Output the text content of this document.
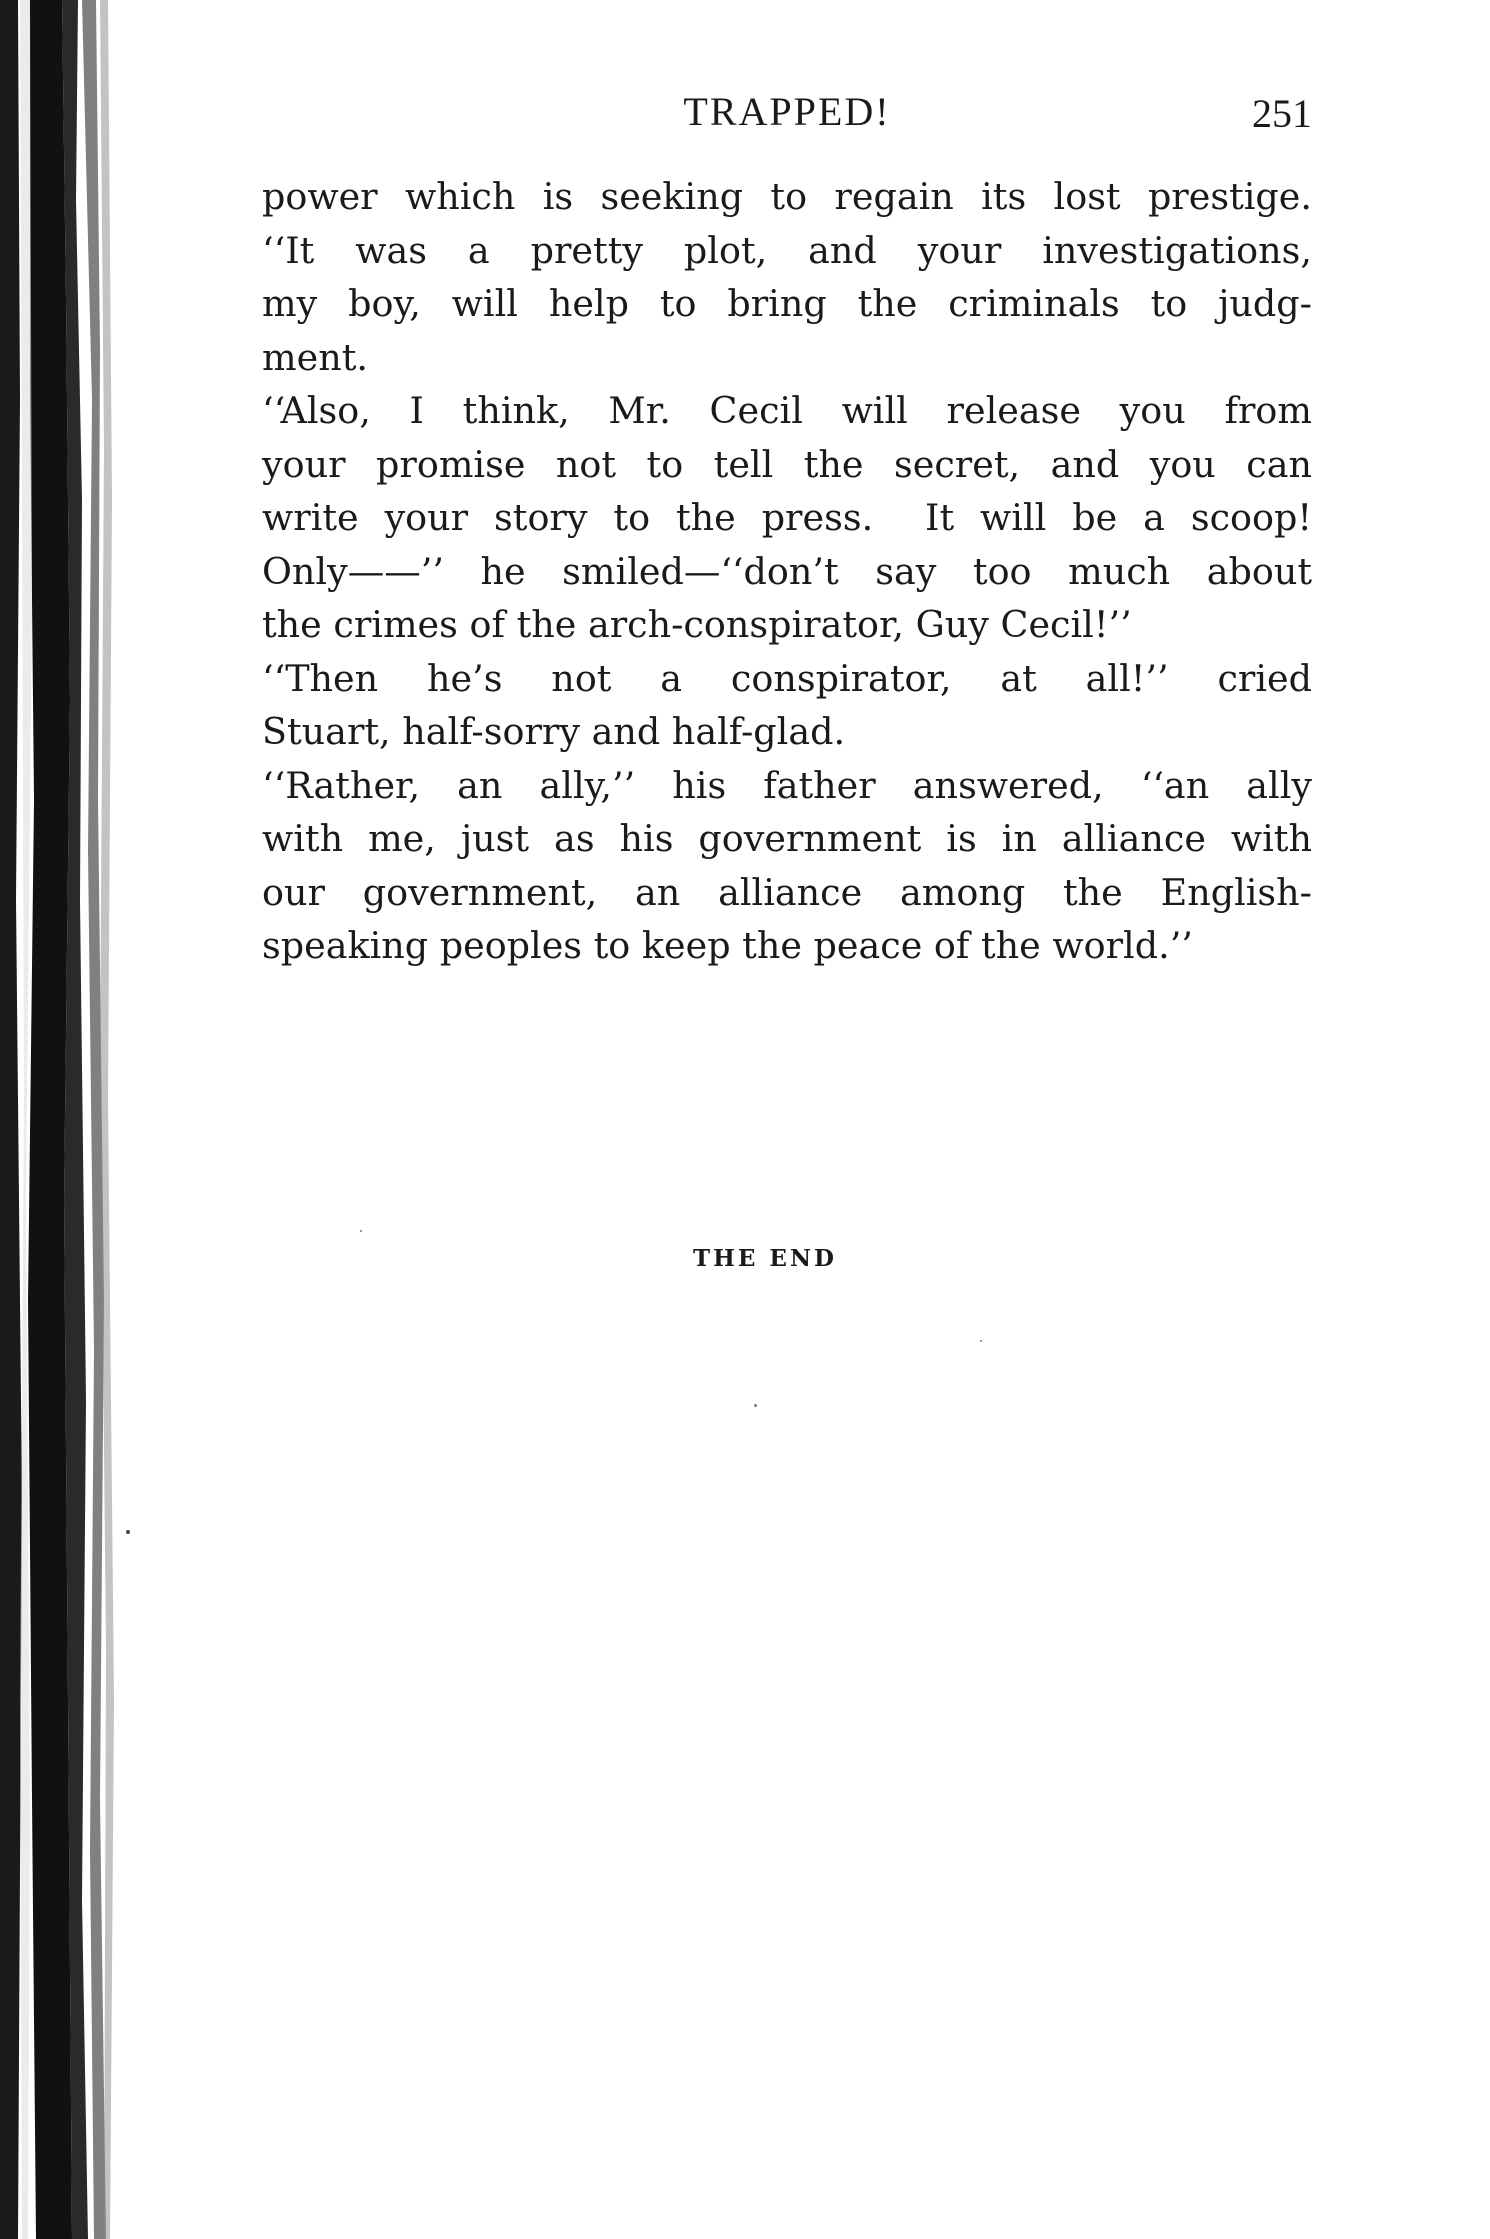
TRAPPED!	251
power which is seeking to regain its lost prestige.
‘‘It was a pretty plot, and your investigations,
my boy, will help to bring the criminals to judg-
ment.
‘‘Also, I think, Mr. Cecil will release you from
your promise not to tell the secret, and you can
write your story to the press.  It will be a scoop!
Only——’’ he smiled—‘‘don’t say too much about
the crimes of the arch-conspirator, Guy Cecil!’’
‘‘Then he’s not a conspirator, at all!’’ cried
Stuart, half-sorry and half-glad.
‘‘Rather, an ally,’’ his father answered, ‘‘an ally
with me, just as his government is in alliance with
our government, an alliance among the English-
speaking peoples to keep the peace of the world.’’
THE END
